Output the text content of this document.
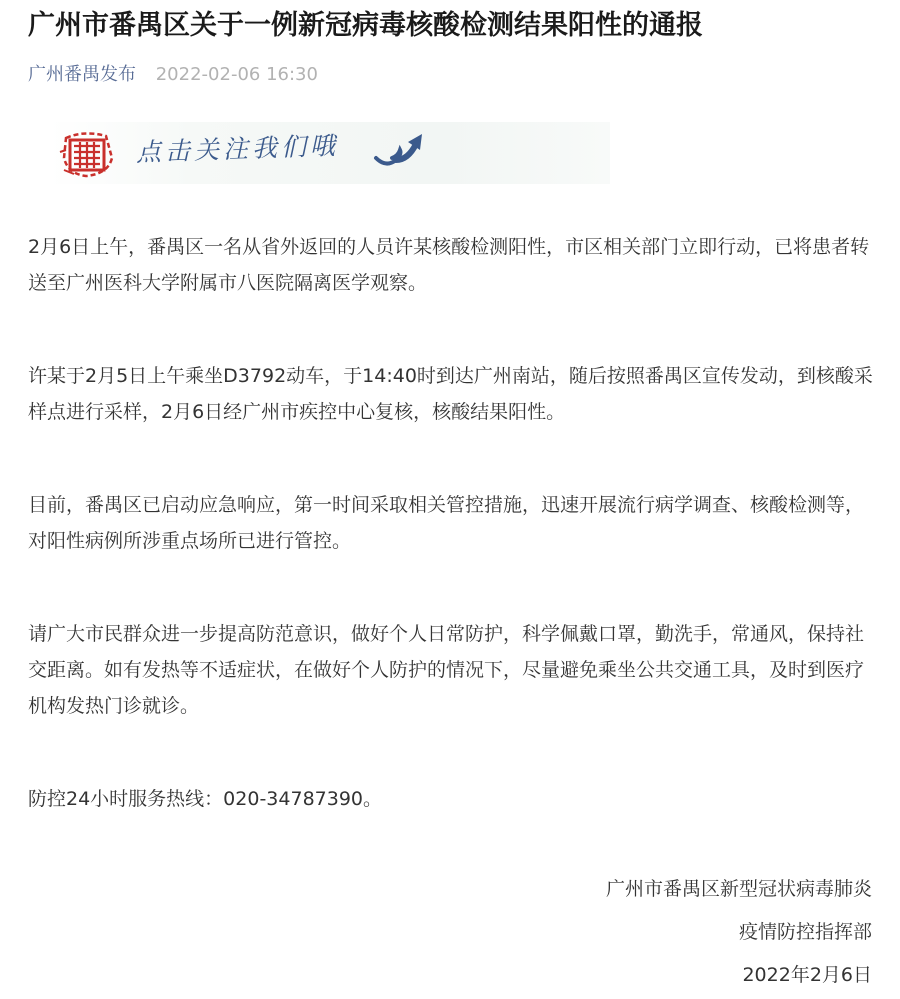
广州市番禺区关于一例新冠病毒核酸检测结果阳性的通报
广州番禺发布 2022-02-06 16:30
点击关注我们哦

2月6日上午，番禺区一名从省外返回的人员许某核酸检测阳性，市区相关部门立即行动，已将患者转送至广州医科大学附属市八医院隔离医学观察。

许某于2月5日上午乘坐D3792动车，于14:40时到达广州南站，随后按照番禺区宣传发动，到核酸采样点进行采样，2月6日经广州市疾控中心复核，核酸结果阳性。

目前，番禺区已启动应急响应，第一时间采取相关管控措施，迅速开展流行病学调查、核酸检测等，对阳性病例所涉重点场所已进行管控。

请广大市民群众进一步提高防范意识，做好个人日常防护，科学佩戴口罩，勤洗手，常通风，保持社交距离。如有发热等不适症状，在做好个人防护的情况下，尽量避免乘坐公共交通工具，及时到医疗机构发热门诊就诊。

防控24小时服务热线：020-34787390。

广州市番禺区新型冠状病毒肺炎
疫情防控指挥部
2022年2月6日
